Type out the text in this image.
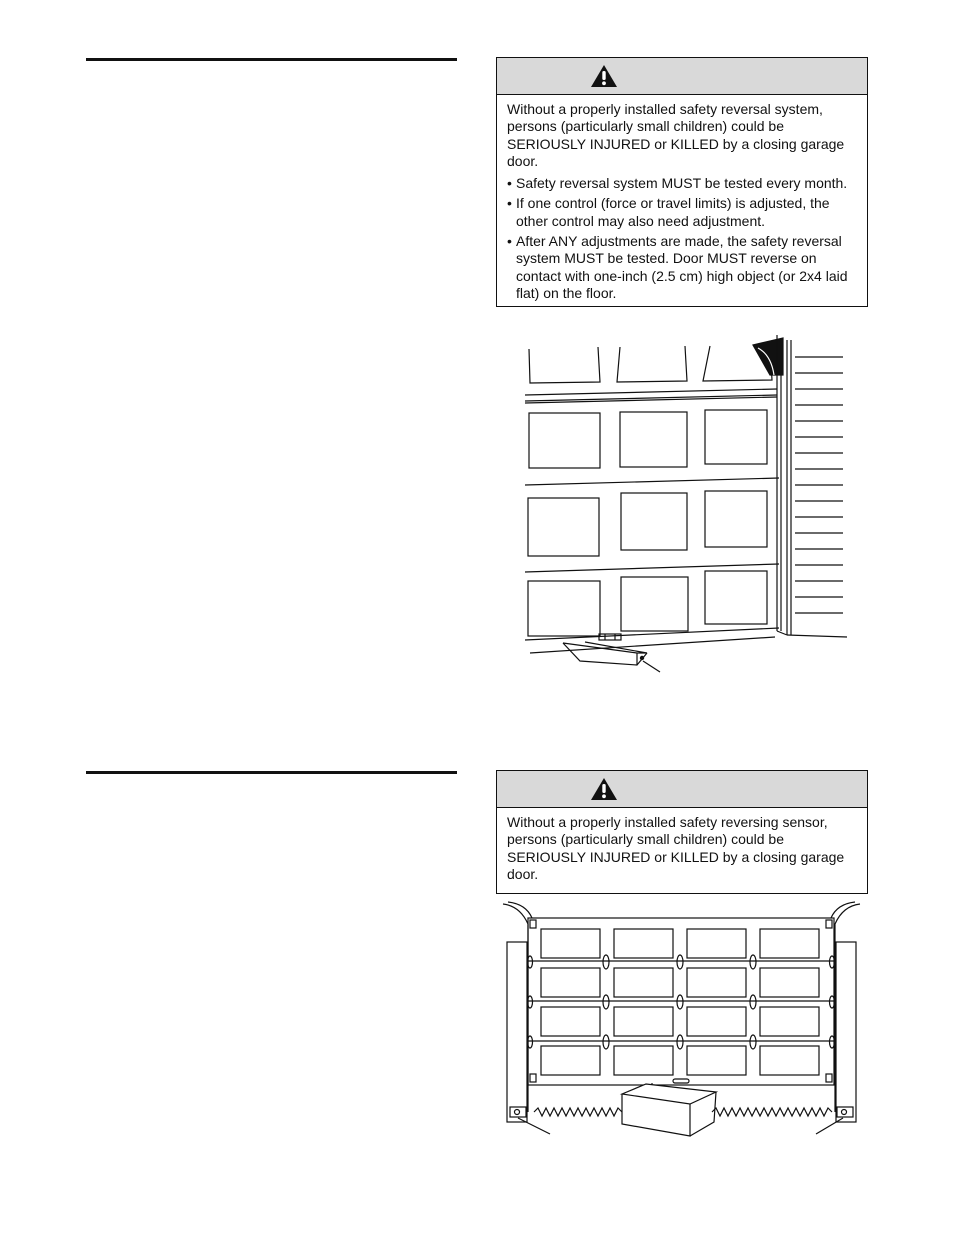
Without a properly installed safety reversal system, persons (particularly small children) could be SERIOUSLY INJURED or KILLED by a closing garage door.

• Safety reversal system MUST be tested every month.
• If one control (force or travel limits) is adjusted, the other control may also need adjustment.
• After ANY adjustments are made, the safety reversal system MUST be tested. Door MUST reverse on contact with one-inch (2.5 cm) high object (or 2x4 laid flat) on the floor.

Without a properly installed safety reversing sensor, persons (particularly small children) could be SERIOUSLY INJURED or KILLED by a closing garage door.
